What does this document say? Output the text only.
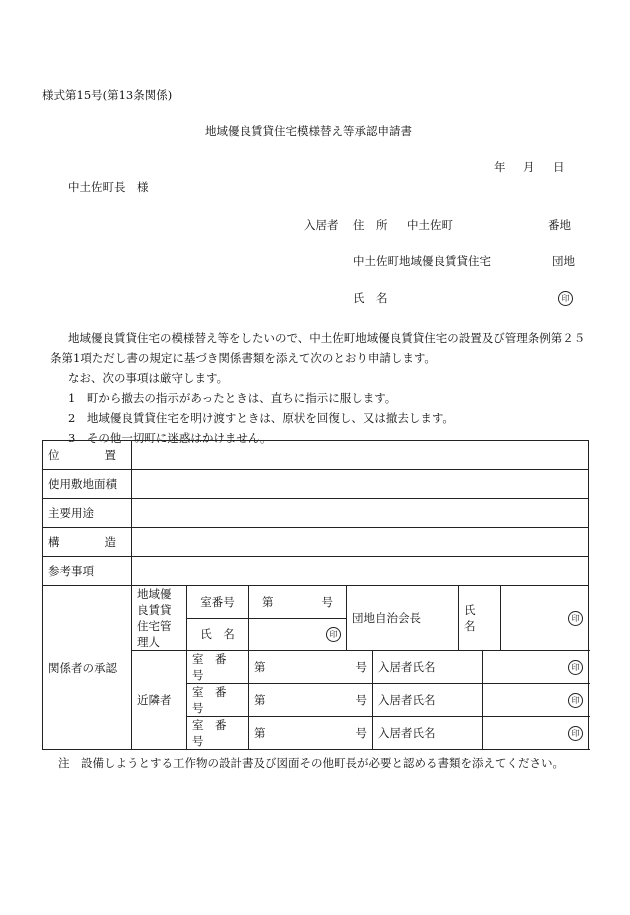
様式第15号(第13条関係)
地域優良賃貸住宅模様替え等承認申請書
年 月 日
中土佐町長　様
入居者 住　所 中土佐町	番地
中土佐町地域優良賃貸住宅	団地
氏　名	印

地域優良賃貸住宅の模様替え等をしたいので、中土佐町地域優良賃貸住宅の設置及び管理条例第２５条第1項ただし書の規定に基づき関係書類を添えて次のとおり申請します。

なお、次の事項は厳守します。

1　町から撤去の指示があったときは、直ちに指示に服します。

2　地域優良賃貸住宅を明け渡すときは、原状を回復し、又は撤去します。

3　その他一切町に迷惑はかけません。

位 置								

使用敷地面積								
主要用途								

構 造								

参考事項								
関係者の承認	地域優良賃貸住宅管理人	室番号	第 号	団地自治会長		氏　名		印
		氏　名	印					
	近隣者	室　番　号	第 号		入居者氏名		印	
		室　番　号	第 号		入居者氏名		印	
		室　番　号	第 号		入居者氏名		印	
注　設備しようとする工作物の設計書及び図面その他町長が必要と認める書類を添えてください。
